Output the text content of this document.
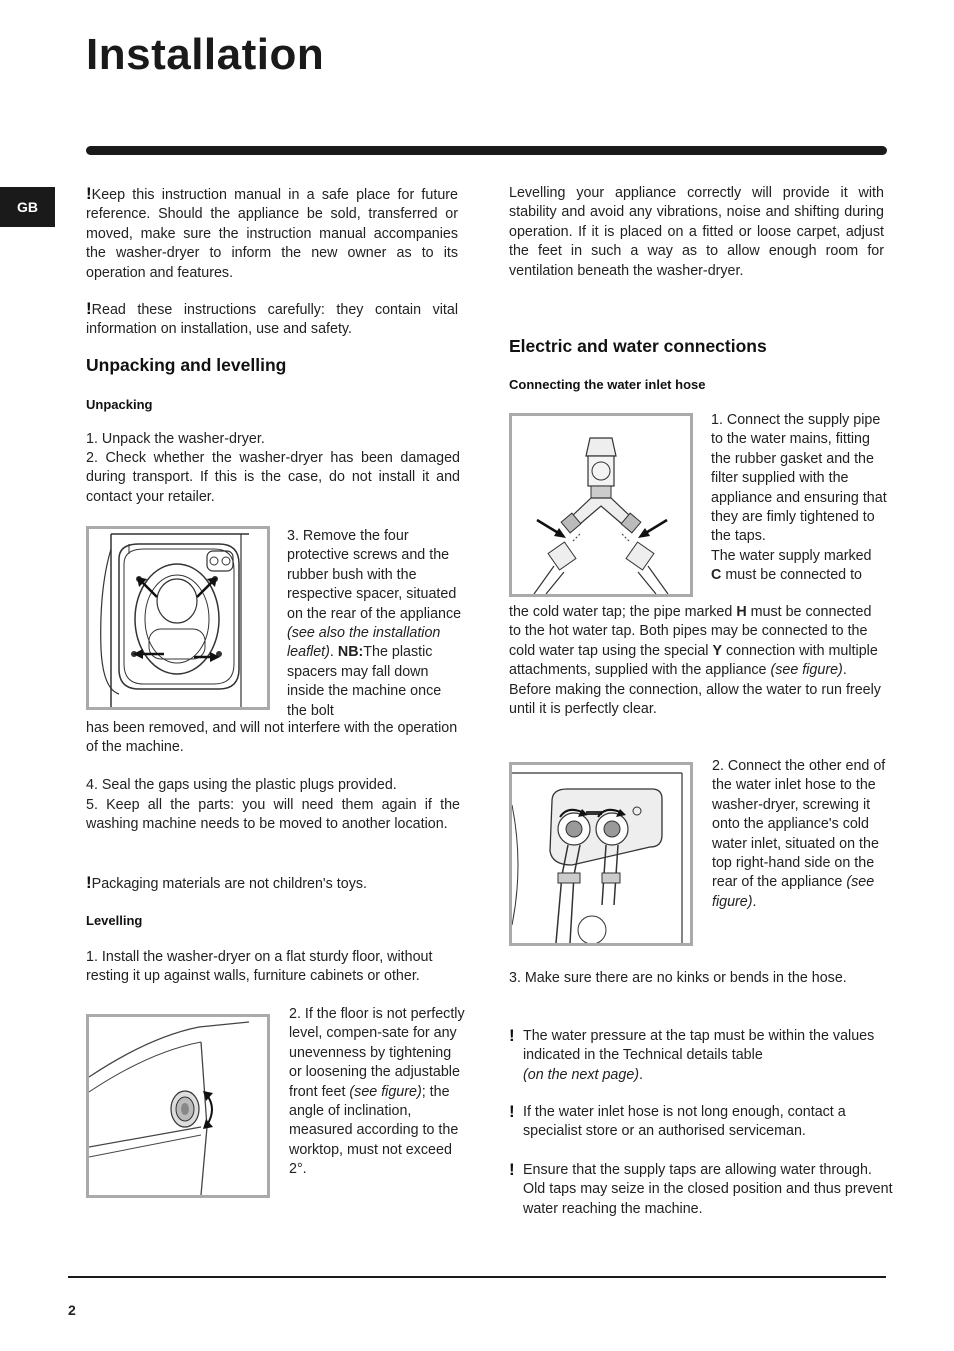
Installation
GB

!Keep this instruction manual in a safe place for future reference. Should the appliance be sold, transferred or moved, make sure the instruction manual accompanies the washer-dryer to inform the new owner as to its operation and features.

!Read these instructions carefully: they contain vital information on installation, use and safety.

Unpacking and levelling
Unpacking

1. Unpack the washer-dryer.

2. Check whether the washer-dryer has been damaged during transport. If this is the case, do not install it and contact your retailer.

3. Remove the four protective screws and the rubber bush with the respective spacer, situated on the rear of the appliance (see also the installation leaflet). NB:The plastic spacers may fall down inside the machine once the bolt

has been removed, and will not interfere with the operation of the machine.

4. Seal the gaps using the plastic plugs provided.

5. Keep all the parts: you will need them again if the washing machine needs to be moved to another location.

!Packaging materials are not children's toys.

Levelling

1. Install the washer-dryer on a flat sturdy floor, without resting it up against walls, furniture cabinets or other.

2. If the floor is not perfectly level, compen-sate for any unevenness by tightening or loosening the adjustable front feet (see figure); the angle of inclination, measured according to the worktop, must not exceed 2°.

Levelling your appliance correctly will provide it with stability and avoid any vibrations, noise and shifting during operation. If it is placed on a fitted or loose carpet, adjust the feet in such a way as to allow enough room for ventilation beneath the washer-dryer.

Electric and water connections
Connecting the water inlet hose

1. Connect the supply pipe to the water mains, fitting the rubber gasket and the filter supplied with the appliance and ensuring that they are fimly tightened to the taps.

The water supply marked

C must be connected to

the cold water tap; the pipe marked H must be connected to the hot water tap. Both pipes may be connected to the cold water tap using the special Y connection with multiple attachments, supplied with the appliance (see figure).

Before making the connection, allow the water to run freely until it is perfectly clear.

2. Connect the other end of the water inlet hose to the washer-dryer, screwing it onto the appliance's cold water inlet, situated on the top right-hand side on the rear of the appliance (see figure).

3. Make sure there are no kinks or bends in the hose.

! The water pressure at the tap must be within the values indicated in the Technical details table
(on the next page).
! If the water inlet hose is not long enough, contact a specialist store or an authorised serviceman.
! Ensure that the supply taps are allowing water through. Old taps may seize in the closed position and thus prevent water reaching the machine.
2
